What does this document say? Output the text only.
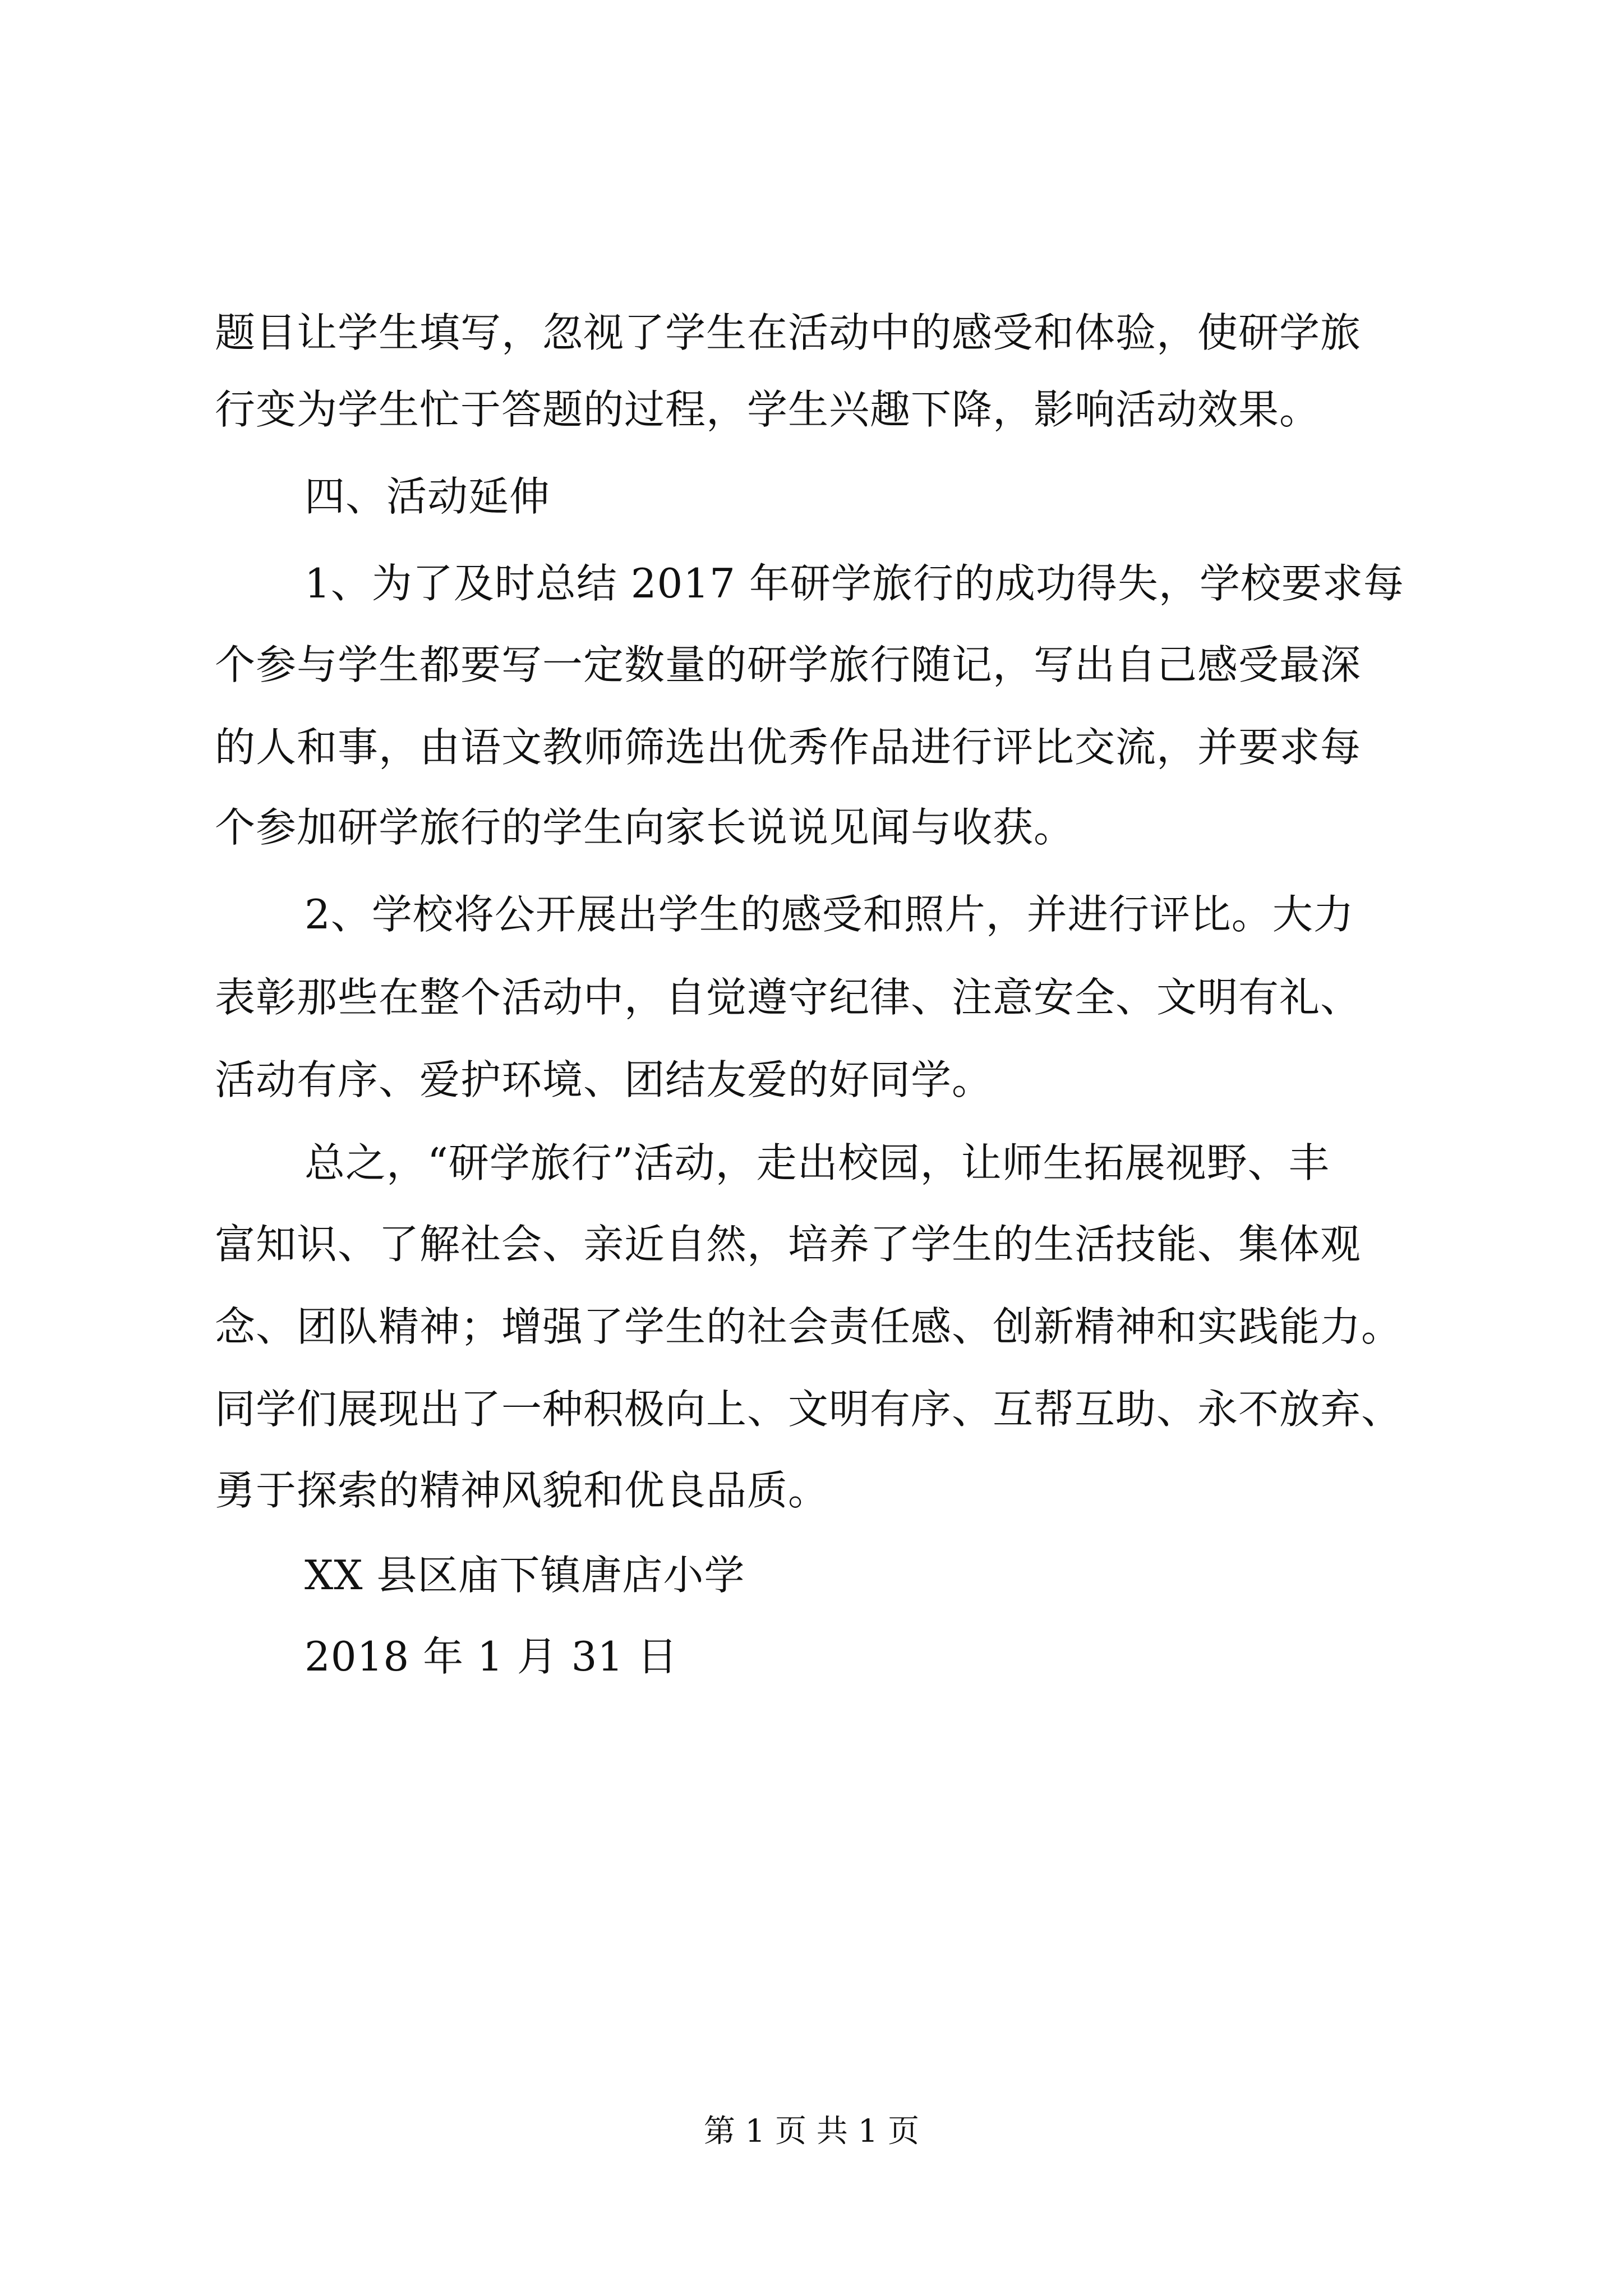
题目让学生填写，忽视了学生在活动中的感受和体验，使研学旅
行变为学生忙于答题的过程，学生兴趣下降，影响活动效果。
四、活动延伸
1、为了及时总结 2017 年研学旅行的成功得失，学校要求每
个参与学生都要写一定数量的研学旅行随记，写出自己感受最深
的人和事，由语文教师筛选出优秀作品进行评比交流，并要求每
个参加研学旅行的学生向家长说说见闻与收获。
2、学校将公开展出学生的感受和照片，并进行评比。大力
表彰那些在整个活动中，自觉遵守纪律、注意安全、文明有礼、
活动有序、爱护环境、团结友爱的好同学。
总之，“研学旅行”活动，走出校园，让师生拓展视野、丰
富知识、了解社会、亲近自然，培养了学生的生活技能、集体观
念、团队精神；增强了学生的社会责任感、创新精神和实践能力。
同学们展现出了一种积极向上、文明有序、互帮互助、永不放弃、
勇于探索的精神风貌和优良品质。
XX 县区庙下镇唐店小学
2018 年 1 月 31 日
第 1 页 共 1 页
